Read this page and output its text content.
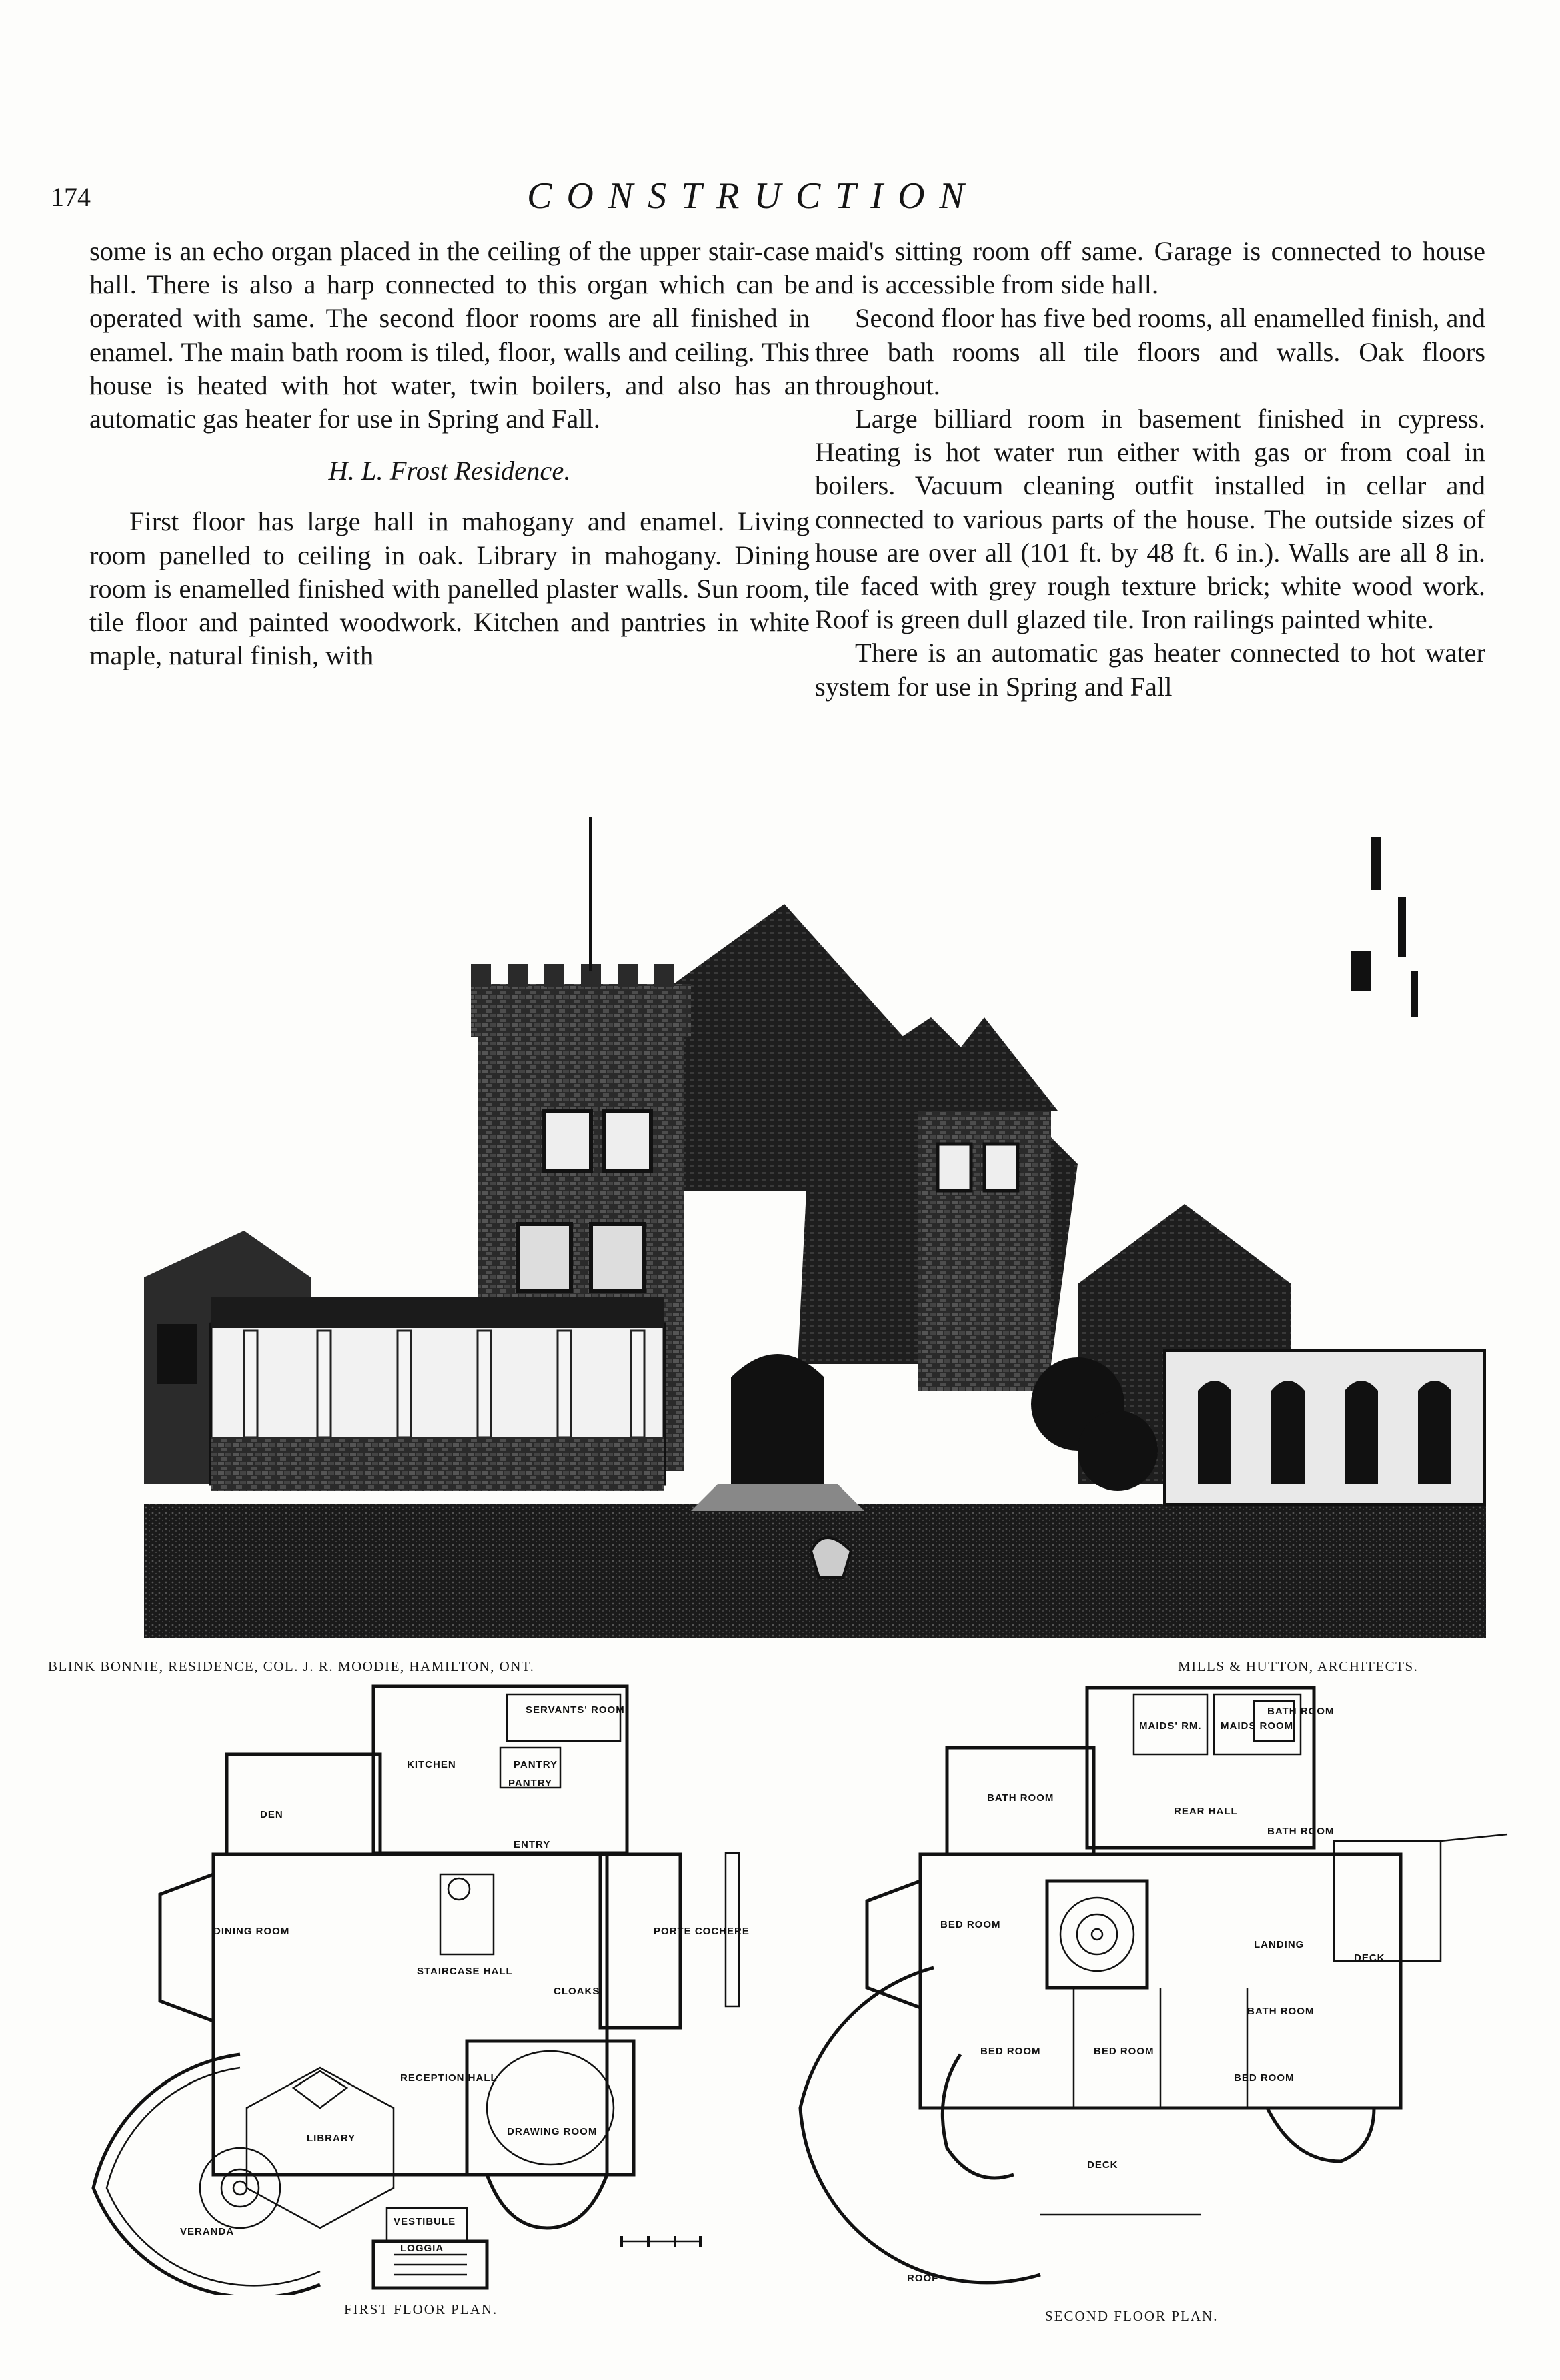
174	CONSTRUCTION

some is an echo organ placed in the ceiling of the upper stair-case hall. There is also a harp connected to this organ which can be operated with same. The second floor rooms are all finished in enamel. The main bath room is tiled, floor, walls and ceiling. This house is heated with hot water, twin boilers, and also has an automatic gas heater for use in Spring and Fall.

H. L. Frost Residence.

First floor has large hall in mahogany and enamel. Living room panelled to ceiling in oak. Library in mahogany. Dining room is enamelled finished with panelled plaster walls. Sun room, tile floor and painted woodwork. Kitchen and pantries in white maple, natural finish, with

maid's sitting room off same. Garage is connected to house and is accessible from side hall.

Second floor has five bed rooms, all enamelled finish, and three bath rooms all tile floors and walls. Oak floors throughout.

Large billiard room in basement finished in cypress. Heating is hot water run either with gas or from coal in boilers. Vacuum cleaning outfit installed in cellar and connected to various parts of the house. The outside sizes of house are over all (101 ft. by 48 ft. 6 in.). Walls are all 8 in. tile faced with grey rough texture brick; white wood work. Roof is green dull glazed tile. Iron railings painted white.

There is an automatic gas heater connected to hot water system for use in Spring and Fall

BLINK BONNIE, RESIDENCE, COL. J. R. MOODIE, HAMILTON, ONT.	MILLS & HUTTON, ARCHITECTS.
SERVANTS' ROOM
KITCHEN	PANTRY
PANTRY
DEN
ENTRY
DINING ROOM
STAIRCASE HALL
PORTE COCHERE
CLOAKS
RECEPTION HALL
LIBRARY
DRAWING ROOM
VESTIBULE
LOGGIA
VERANDA
FIRST FLOOR PLAN.
MAIDS' RM. MAIDS ROOM
BATH ROOM
BATH ROOM
REAR HALL
BATH ROOM
BED ROOM
LANDING
DECK
BATH ROOM
BED ROOM	BED ROOM
BED ROOM
DECK
ROOF
SECOND FLOOR PLAN.
